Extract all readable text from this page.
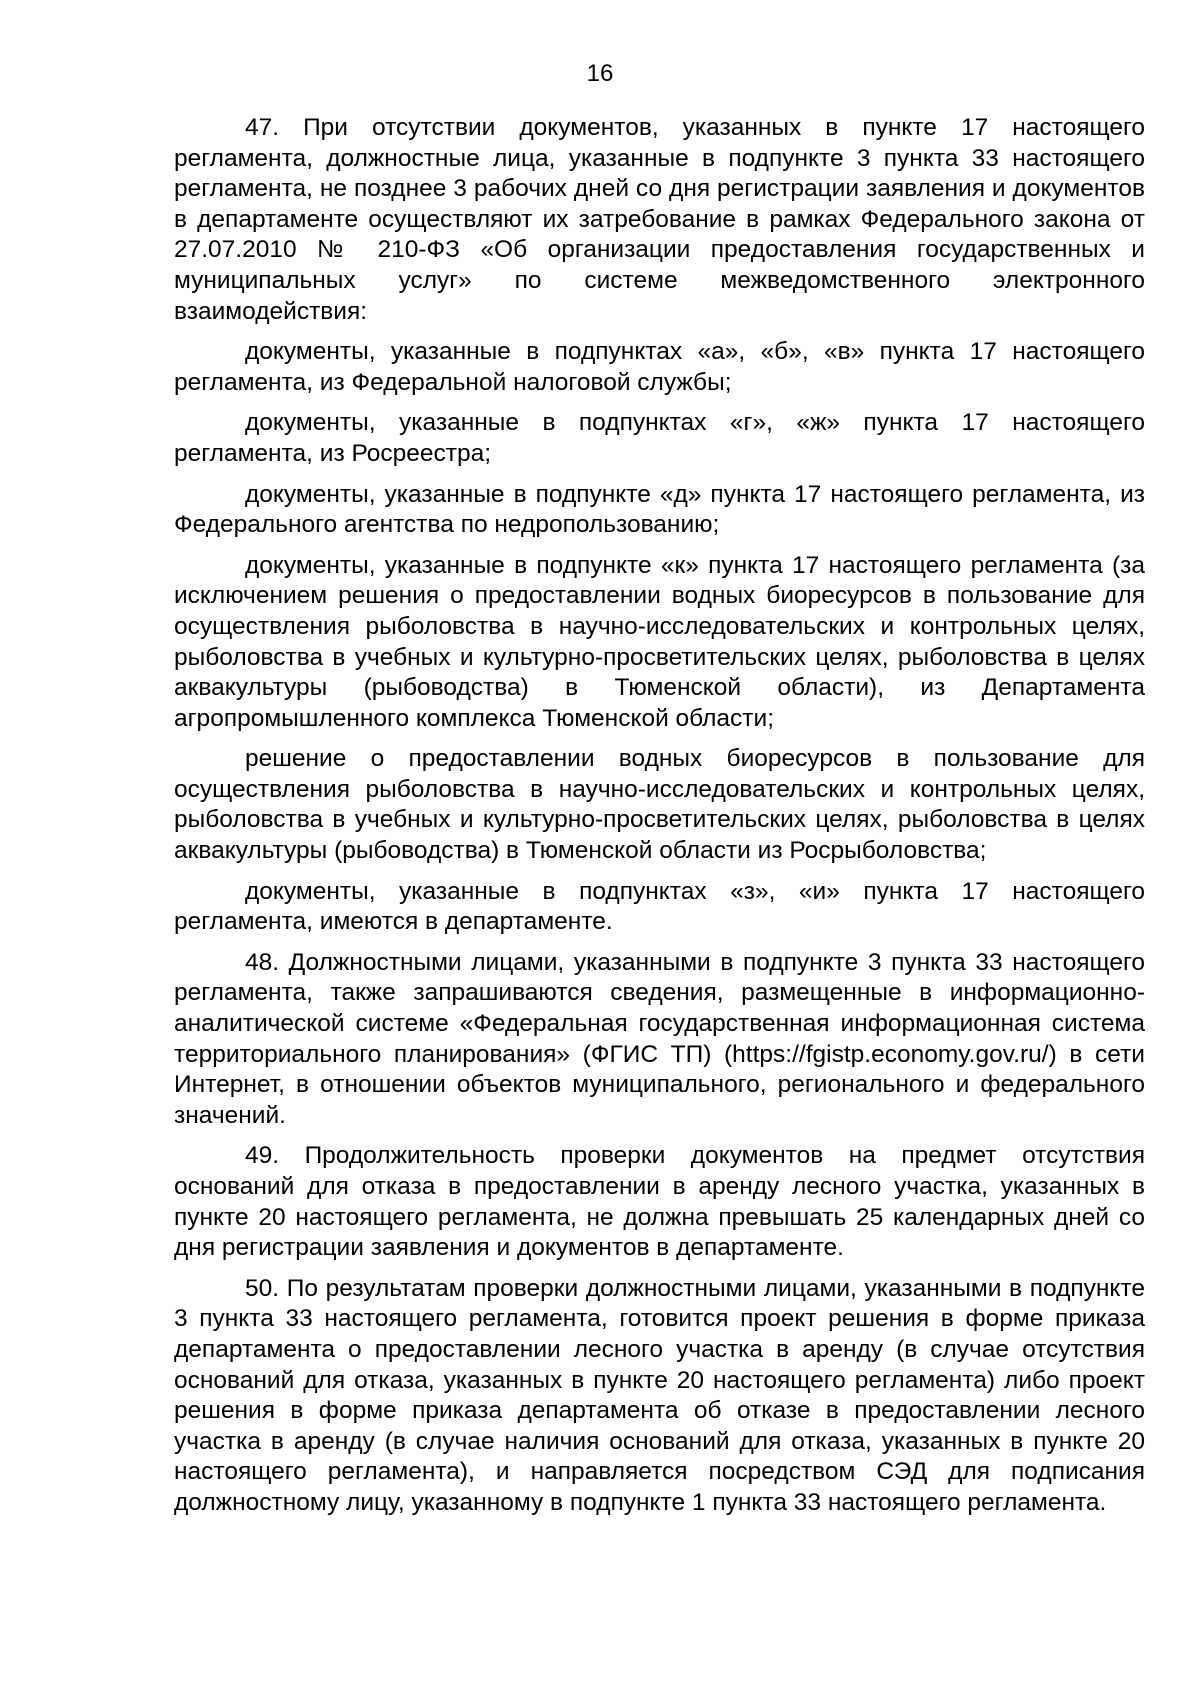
16

47. При отсутствии документов, указанных в пункте 17 настоящего регламента, должностные лица, указанные в подпункте 3 пункта 33 настоящего регламента, не позднее 3 рабочих дней со дня регистрации заявления и документов в департаменте осуществляют их затребование в рамках Федерального закона от 27.07.2010 № 210-ФЗ «Об организации предоставления государственных и муниципальных услуг» по системе межведомственного электронного взаимодействия:

документы, указанные в подпунктах «а», «б», «в» пункта 17 настоящего регламента, из Федеральной налоговой службы;

документы, указанные в подпунктах «г», «ж» пункта 17 настоящего регламента, из Росреестра;

документы, указанные в подпункте «д» пункта 17 настоящего регламента, из Федерального агентства по недропользованию;

документы, указанные в подпункте «к» пункта 17 настоящего регламента (за исключением решения о предоставлении водных биоресурсов в пользование для осуществления рыболовства в научно-исследовательских и контрольных целях, рыболовства в учебных и культурно-просветительских целях, рыболовства в целях аквакультуры (рыбоводства) в Тюменской области), из Департамента агропромышленного комплекса Тюменской области;

решение о предоставлении водных биоресурсов в пользование для осуществления рыболовства в научно-исследовательских и контрольных целях, рыболовства в учебных и культурно-просветительских целях, рыболовства в целях аквакультуры (рыбоводства) в Тюменской области из Росрыболовства;

документы, указанные в подпунктах «з», «и» пункта 17 настоящего регламента, имеются в департаменте.

48. Должностными лицами, указанными в подпункте 3 пункта 33 настоящего регламента, также запрашиваются сведения, размещенные в информационно-аналитической системе «Федеральная государственная информационная система территориального планирования» (ФГИС ТП) (https://fgistp.economy.gov.ru/) в сети Интернет, в отношении объектов муниципального, регионального и федерального значений.

49. Продолжительность проверки документов на предмет отсутствия оснований для отказа в предоставлении в аренду лесного участка, указанных в пункте 20 настоящего регламента, не должна превышать 25 календарных дней со дня регистрации заявления и документов в департаменте.

50. По результатам проверки должностными лицами, указанными в подпункте 3 пункта 33 настоящего регламента, готовится проект решения в форме приказа департамента о предоставлении лесного участка в аренду (в случае отсутствия оснований для отказа, указанных в пункте 20 настоящего регламента) либо проект решения в форме приказа департамента об отказе в предоставлении лесного участка в аренду (в случае наличия оснований для отказа, указанных в пункте 20 настоящего регламента), и направляется посредством СЭД для подписания должностному лицу, указанному в подпункте 1 пункта 33 настоящего регламента.
